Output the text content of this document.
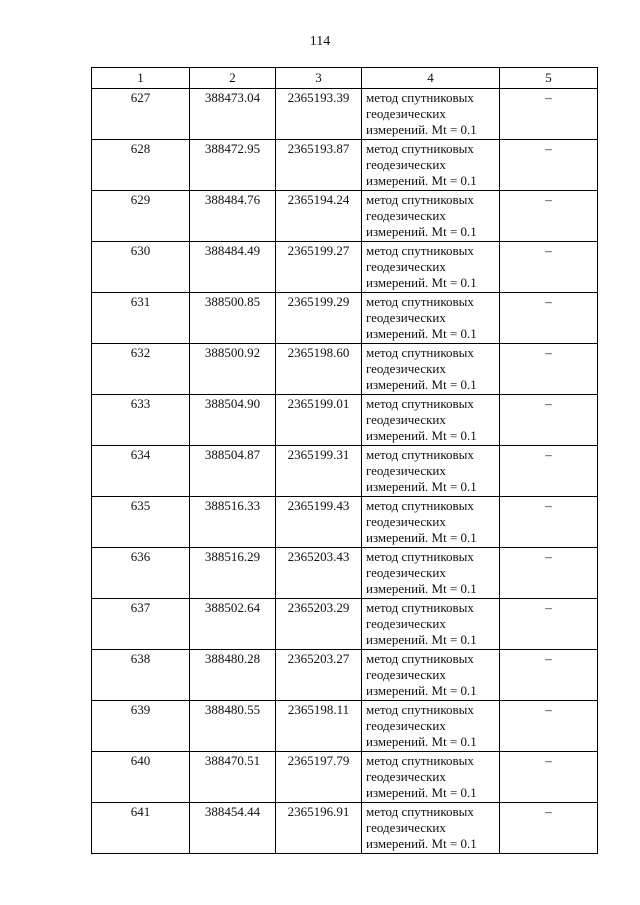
114
1	2	3	4	5
627	388473.04	2365193.39	метод спутниковых
геодезических
измерений. Mt = 0.1	–
628	388472.95	2365193.87	метод спутниковых
геодезических
измерений. Mt = 0.1	–
629	388484.76	2365194.24	метод спутниковых
геодезических
измерений. Mt = 0.1	–
630	388484.49	2365199.27	метод спутниковых
геодезических
измерений. Mt = 0.1	–
631	388500.85	2365199.29	метод спутниковых
геодезических
измерений. Mt = 0.1	–
632	388500.92	2365198.60	метод спутниковых
геодезических
измерений. Mt = 0.1	–
633	388504.90	2365199.01	метод спутниковых
геодезических
измерений. Mt = 0.1	–
634	388504.87	2365199.31	метод спутниковых
геодезических
измерений. Mt = 0.1	–
635	388516.33	2365199.43	метод спутниковых
геодезических
измерений. Mt = 0.1	–
636	388516.29	2365203.43	метод спутниковых
геодезических
измерений. Mt = 0.1	–
637	388502.64	2365203.29	метод спутниковых
геодезических
измерений. Mt = 0.1	–
638	388480.28	2365203.27	метод спутниковых
геодезических
измерений. Mt = 0.1	–
639	388480.55	2365198.11	метод спутниковых
геодезических
измерений. Mt = 0.1	–
640	388470.51	2365197.79	метод спутниковых
геодезических
измерений. Mt = 0.1	–
641	388454.44	2365196.91	метод спутниковых
геодезических
измерений. Mt = 0.1	–
